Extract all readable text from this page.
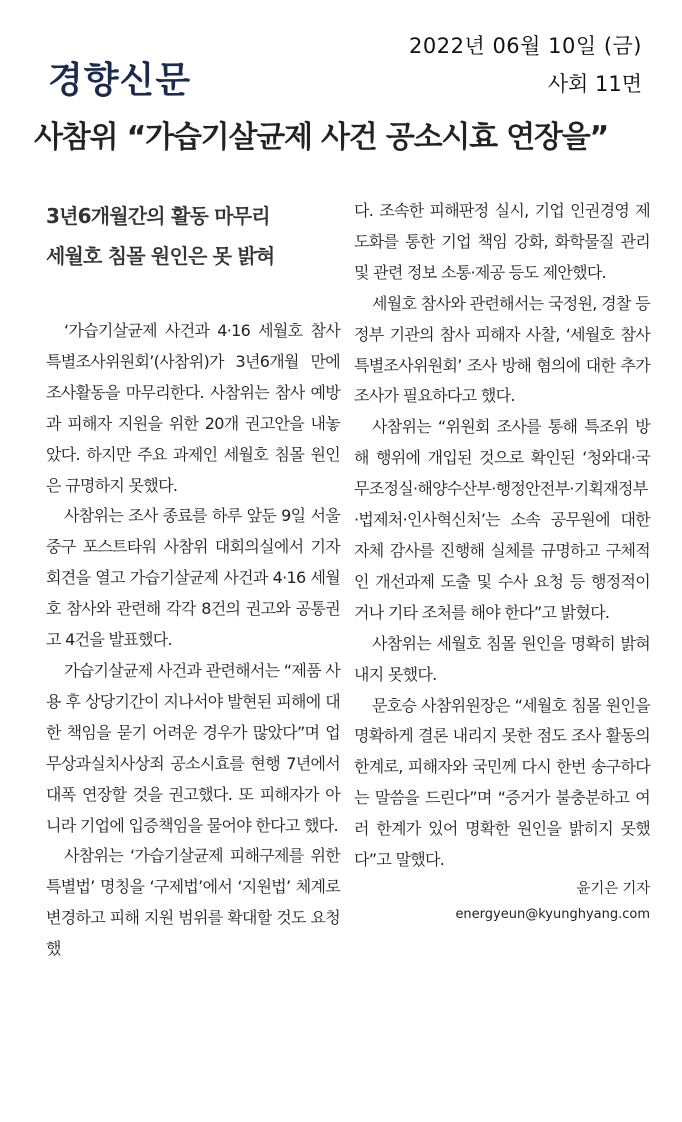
경향신문
2022년 06월 10일 (금)
사회 11면
사참위 “가습기살균제 사건 공소시효 연장을”
3년6개월간의 활동 마무리
세월호 침몰 원인은 못 밝혀

‘가습기살균제 사건과 4·16 세월호 참사 특별조사위원회’(사참위)가 3년6개월 만에 조사활동을 마무리한다. 사참위는 참사 예방과 피해자 지원을 위한 20개 권고안을 내놓았다. 하지만 주요 과제인 세월호 침몰 원인은 규명하지 못했다.

사참위는 조사 종료를 하루 앞둔 9일 서울 중구 포스트타워 사참위 대회의실에서 기자회견을 열고 가습기살균제 사건과 4·16 세월호 참사와 관련해 각각 8건의 권고와 공통권고 4건을 발표했다.

가습기살균제 사건과 관련해서는 “제품 사용 후 상당기간이 지나서야 발현된 피해에 대한 책임을 묻기 어려운 경우가 많았다”며 업무상과실치사상죄 공소시효를 현행 7년에서 대폭 연장할 것을 권고했다. 또 피해자가 아니라 기업에 입증책임을 물어야 한다고 했다.

사참위는 ‘가습기살균제 피해구제를 위한 특별법’ 명칭을 ‘구제법’에서 ‘지원법’ 체계로 변경하고 피해 지원 범위를 확대할 것도 요청했

다. 조속한 피해판정 실시, 기업 인권경영 제도화를 통한 기업 책임 강화, 화학물질 관리 및 관련 정보 소통·제공 등도 제안했다.

세월호 참사와 관련해서는 국정원, 경찰 등 정부 기관의 참사 피해자 사찰, ‘세월호 참사 특별조사위원회’ 조사 방해 혐의에 대한 추가 조사가 필요하다고 했다.

사참위는 “위원회 조사를 통해 특조위 방해 행위에 개입된 것으로 확인된 ‘청와대·국무조정실·해양수산부·행정안전부·기획재정부·법제처·인사혁신처’는 소속 공무원에 대한 자체 감사를 진행해 실체를 규명하고 구체적인 개선과제 도출 및 수사 요청 등 행정적이거나 기타 조처를 해야 한다”고 밝혔다.

사참위는 세월호 침몰 원인을 명확히 밝혀내지 못했다.

문호승 사참위원장은 “세월호 침몰 원인을 명확하게 결론 내리지 못한 점도 조사 활동의 한계로, 피해자와 국민께 다시 한번 송구하다는 말씀을 드린다”며 “증거가 불충분하고 여러 한계가 있어 명확한 원인을 밝히지 못했다”고 말했다.

윤기은 기자

energyeun@kyunghyang.com
